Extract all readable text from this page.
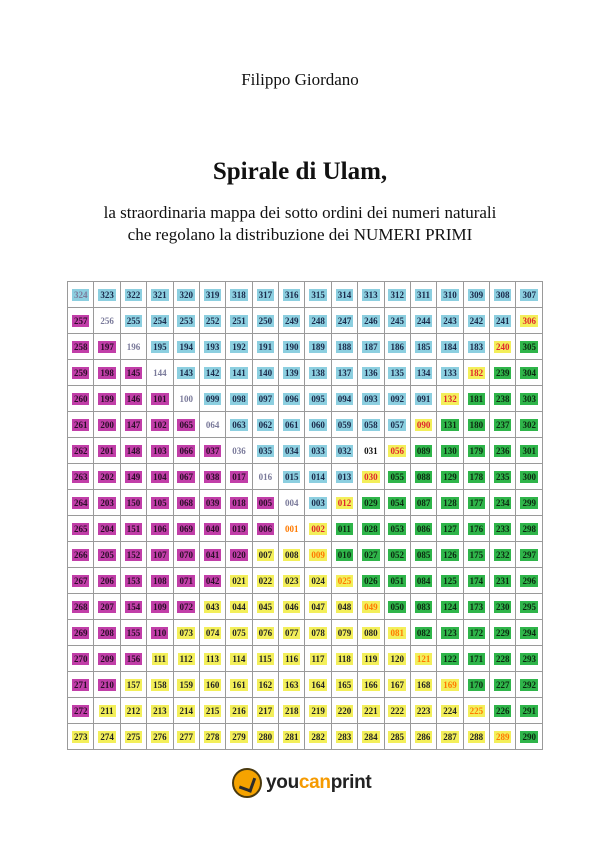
Filippo Giordano
Spirale di Ulam,
la straordinaria mappa dei sotto ordini dei numeri naturali
che regolano la distribuzione dei NUMERI PRIMI
324	323	322	321	320	319	318	317	316	315	314	313	312	311	310	309	308	307
257	256	255	254	253	252	251	250	249	248	247	246	245	244	243	242	241	306
258	197	196	195	194	193	192	191	190	189	188	187	186	185	184	183	240	305
259	198	145	144	143	142	141	140	139	138	137	136	135	134	133	182	239	304
260	199	146	101	100	099	098	097	096	095	094	093	092	091	132	181	238	303
261	200	147	102	065	064	063	062	061	060	059	058	057	090	131	180	237	302
262	201	148	103	066	037	036	035	034	033	032	031	056	089	130	179	236	301
263	202	149	104	067	038	017	016	015	014	013	030	055	088	129	178	235	300
264	203	150	105	068	039	018	005	004	003	012	029	054	087	128	177	234	299
265	204	151	106	069	040	019	006	001	002	011	028	053	086	127	176	233	298
266	205	152	107	070	041	020	007	008	009	010	027	052	085	126	175	232	297
267	206	153	108	071	042	021	022	023	024	025	026	051	084	125	174	231	296
268	207	154	109	072	043	044	045	046	047	048	049	050	083	124	173	230	295
269	208	155	110	073	074	075	076	077	078	079	080	081	082	123	172	229	294
270	209	156	111	112	113	114	115	116	117	118	119	120	121	122	171	228	293
271	210	157	158	159	160	161	162	163	164	165	166	167	168	169	170	227	292
272	211	212	213	214	215	216	217	218	219	220	221	222	223	224	225	226	291
273	274	275	276	277	278	279	280	281	282	283	284	285	286	287	288	289	290
youcanprint
